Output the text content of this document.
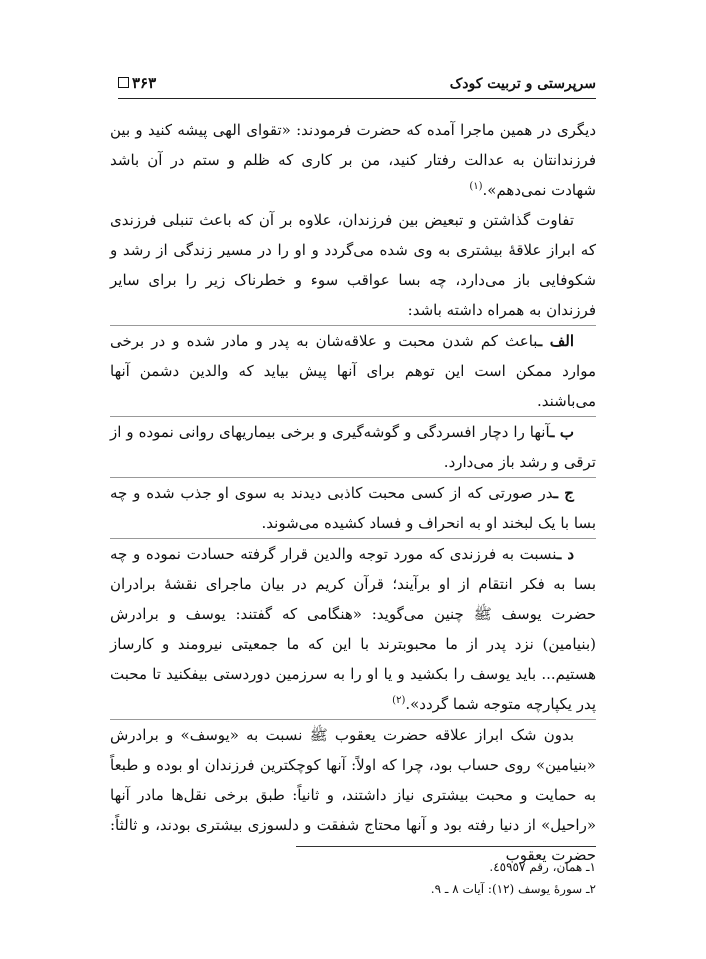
سرپرستی و تربیت کودک
۳۶۳

دیگری در همین ماجرا آمده که حضرت فرمودند: «تقوای الهی پیشه کنید و بین فرزندانتان به عدالت رفتار کنید، من بر کاری که ظلم و ستم در آن باشد شهادت نمی‌دهم».$^{(۱)}$

تفاوت گذاشتن و تبعیض بین فرزندان، علاوه بر آن که باعث تنبلی فرزندی که ابراز علاقهٔ بیشتری به وی شده می‌گردد و او را در مسیر زندگی از رشد و شکوفایی باز می‌دارد، چه بسا عواقب سوء و خطرناک زیر را برای سایر فرزندان به همراه داشته باشد:

الف ـباعث کم شدن محبت و علاقه‌شان به پدر و مادر شده و در برخی موارد ممکن است این توهم برای آنها پیش بیاید که والدین دشمن آنها می‌باشند.

ب ـآنها را دچار افسردگی و گوشه‌گیری و برخی بیماریهای روانی نموده و از ترقی و رشد باز می‌دارد.

ج ـدر صورتی که از کسی محبت کاذبی دیدند به سوی او جذب شده و چه بسا با یک لبخند او به انحراف و فساد کشیده می‌شوند.

د ـنسبت به فرزندی که مورد توجه والدین قرار گرفته حسادت نموده و چه بسا به فکر انتقام از او برآیند؛ قرآن کریم در بیان ماجرای نقشهٔ برادران حضرت یوسف ﷺ چنین می‌گوید: «هنگامی که گفتند: یوسف و برادرش (بنیامین) نزد پدر از ما محبوبترند با این که ما جمعیتی نیرومند و کارساز هستیم... باید یوسف را بکشید و یا او را به سرزمین دوردستی بیفکنید تا محبت پدر یکپارچه متوجه شما گردد».$^{(۲)}$

بدون شک ابراز علاقه حضرت یعقوب ﷺ نسبت به «یوسف» و برادرش «بنیامین» روی حساب بود، چرا که اولاً: آنها کوچکترین فرزندان او بوده و طبعاً به حمایت و محبت بیشتری نیاز داشتند، و ثانیاً: طبق برخی نقل‌ها مادر آنها «راحیل» از دنیا رفته بود و آنها محتاج شفقت و دلسوزی بیشتری بودند، و ثالثاً: حضرت یعقوب

۱ـ همان، رقم ٤٥٩٥٧.
۲ـ سورهٔ یوسف (۱۲): آیات ۸ ـ ۹.
